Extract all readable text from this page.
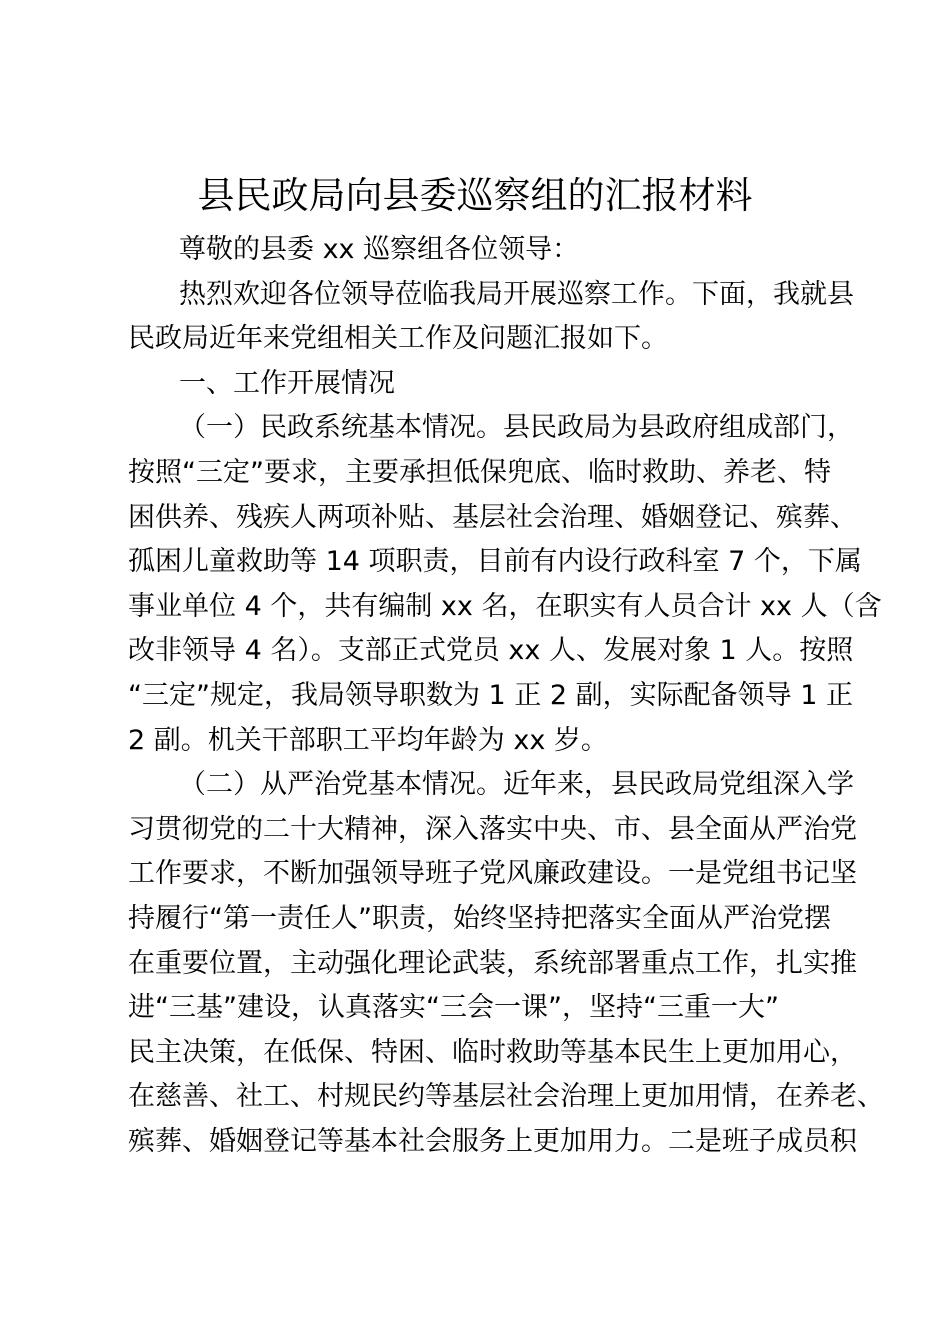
县民政局向县委巡察组的汇报材料
尊敬的县委 xx 巡察组各位领导：
热烈欢迎各位领导莅临我局开展巡察工作。下面，我就县
民政局近年来党组相关工作及问题汇报如下。
一、工作开展情况
（一）民政系统基本情况。县民政局为县政府组成部门，
按照“三定”要求，主要承担低保兜底、临时救助、养老、特
困供养、残疾人两项补贴、基层社会治理、婚姻登记、殡葬、
孤困儿童救助等 14 项职责，目前有内设行政科室 7 个，下属
事业单位 4 个，共有编制 xx 名，在职实有人员合计 xx 人（含
改非领导 4 名）。支部正式党员 xx 人、发展对象 1 人。按照
“三定”规定，我局领导职数为 1 正 2 副，实际配备领导 1 正
2 副。机关干部职工平均年龄为 xx 岁。
（二）从严治党基本情况。近年来，县民政局党组深入学
习贯彻党的二十大精神，深入落实中央、市、县全面从严治党
工作要求，不断加强领导班子党风廉政建设。一是党组书记坚
持履行“第一责任人”职责，始终坚持把落实全面从严治党摆
在重要位置，主动强化理论武装，系统部署重点工作，扎实推
进“三基”建设，认真落实“三会一课”，坚持“三重一大”
民主决策，在低保、特困、临时救助等基本民生上更加用心，
在慈善、社工、村规民约等基层社会治理上更加用情，在养老、
殡葬、婚姻登记等基本社会服务上更加用力。二是班子成员积
